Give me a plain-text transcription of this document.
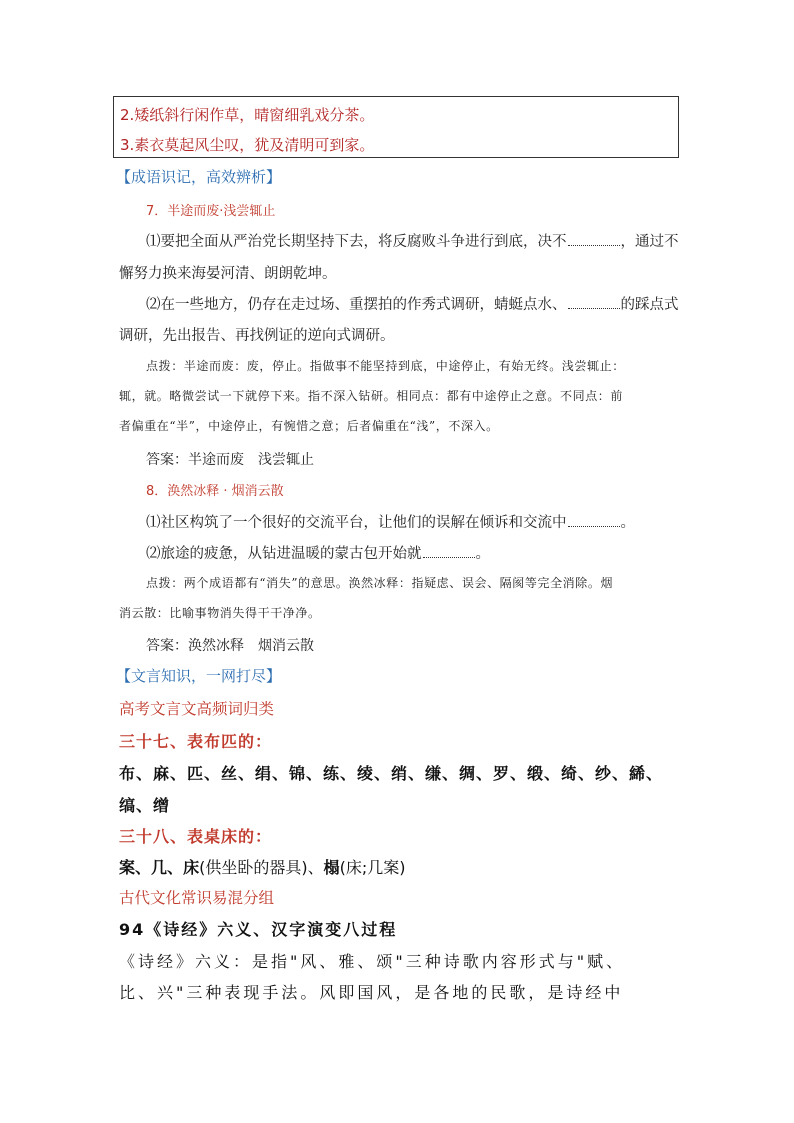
2.矮纸斜行闲作草，晴窗细乳戏分茶。
3.素衣莫起风尘叹，犹及清明可到家。
【成语识记，高效辨析】
7．半途而废·浅尝辄止
⑴要把全面从严治党长期坚持下去，将反腐败斗争进行到底，决不	，通过不
懈努力换来海晏河清、朗朗乾坤。
⑵在一些地方，仍存在走过场、重摆拍的作秀式调研，蜻蜓点水、	的踩点式
调研，先出报告、再找例证的逆向式调研。
点拨：半途而废：废，停止。指做事不能坚持到底，中途停止，有始无终。浅尝辄止：
辄，就。略微尝试一下就停下来。指不深入钻研。相同点：都有中途停止之意。不同点：前
者偏重在“半”，中途停止，有惋惜之意；后者偏重在“浅”，不深入。
答案：半途而废　浅尝辄止
8．涣然冰释 · 烟消云散
⑴社区构筑了一个很好的交流平台，让他们的误解在倾诉和交流中	。
⑵旅途的疲惫，从钻进温暖的蒙古包开始就	。
点拨：两个成语都有“消失”的意思。涣然冰释：指疑虑、误会、隔阂等完全消除。烟
消云散：比喻事物消失得干干净净。
答案：涣然冰释　烟消云散
【文言知识，一网打尽】
高考文言文高频词归类
三十七、表布匹的：
布、麻、匹、丝、绢、锦、练、绫、绡、缣、绸、罗、缎、绮、纱、絺、
缟、缯
三十八、表桌床的：
案、几、床(供坐卧的器具)、榻(床;几案)
古代文化常识易混分组
94《诗经》六义、汉字演变八过程
《诗经》六义：是指"风、雅、颂"三种诗歌内容形式与"赋、
比、兴"三种表现手法。风即国风，是各地的民歌，是诗经中
